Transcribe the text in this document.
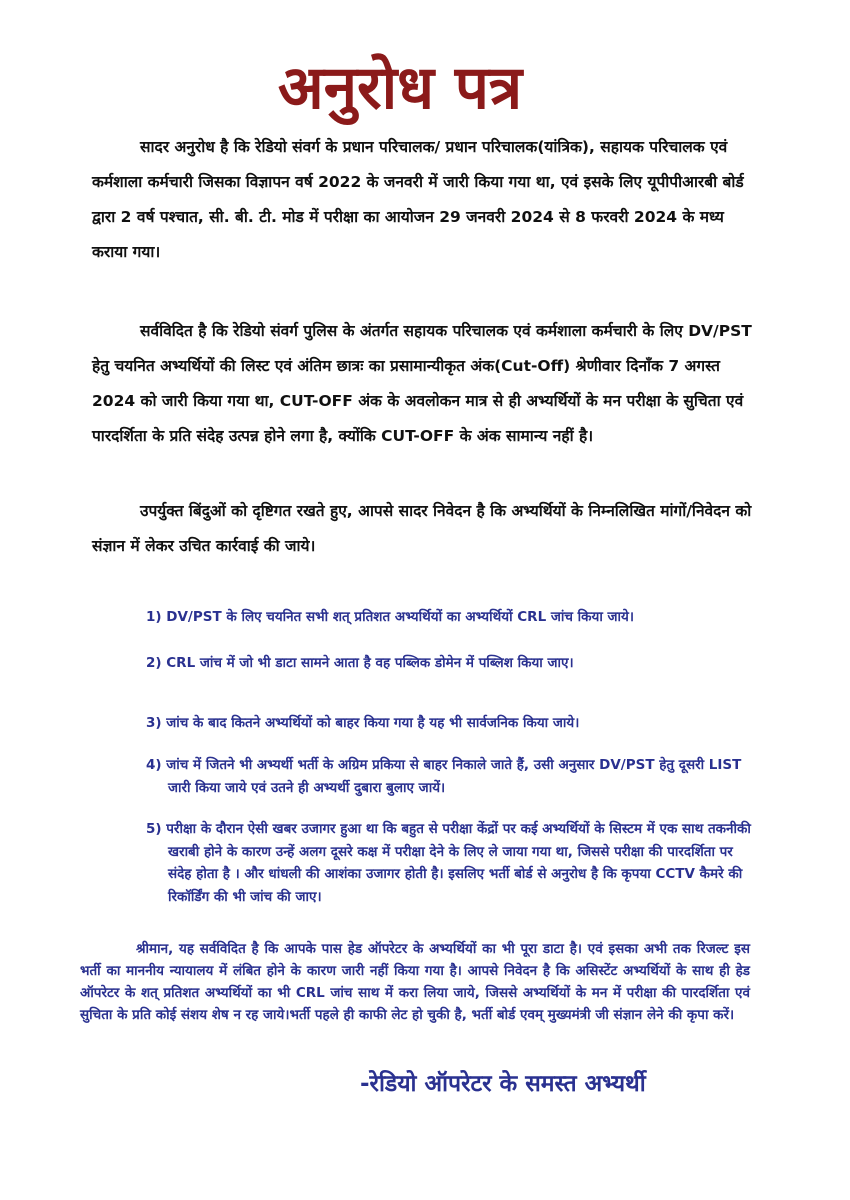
अनुरोध पत्र

सादर अनुरोध है कि रेडियो संवर्ग के प्रधान परिचालक/ प्रधान परिचालक(यांत्रिक), सहायक परिचालक एवं कर्मशाला कर्मचारी जिसका विज्ञापन वर्ष 2022 के जनवरी में जारी किया गया था, एवं इसके लिए यूपीपीआरबी बोर्ड द्वारा 2 वर्ष पश्चात, सी. बी. टी. मोड में परीक्षा का आयोजन 29 जनवरी 2024 से 8 फरवरी 2024 के मध्य कराया गया।

सर्वविदित है कि रेडियो संवर्ग पुलिस के अंतर्गत सहायक परिचालक एवं कर्मशाला कर्मचारी के लिए DV/PST हेतु चयनित अभ्यर्थियों की लिस्ट एवं अंतिम छात्रः का प्रसामान्यीकृत अंक(Cut-Off) श्रेणीवार दिनाँक 7 अगस्त 2024 को जारी किया गया था, CUT-OFF अंक के अवलोकन मात्र से ही अभ्यर्थियों के मन परीक्षा के सुचिता एवं पारदर्शिता के प्रति संदेह उत्पन्न होने लगा है, क्योंकि CUT-OFF के अंक सामान्य नहीं है।

उपर्युक्त बिंदुओं को दृष्टिगत रखते हुए, आपसे सादर निवेदन है कि अभ्यर्थियों के निम्नलिखित मांगों/निवेदन को संज्ञान में लेकर उचित कार्रवाई की जाये।

1) DV/PST के लिए चयनित सभी शत् प्रतिशत अभ्यर्थियों का अभ्यर्थियों CRL जांच किया जाये।
2) CRL जांच में जो भी डाटा सामने आता है वह पब्लिक डोमेन में पब्लिश किया जाए।
3) जांच के बाद कितने अभ्यर्थियों को बाहर किया गया है यह भी सार्वजनिक किया जाये।
4) जांच में जितने भी अभ्यर्थी भर्ती के अग्रिम प्रकिया से बाहर निकाले जाते हैं, उसी अनुसार DV/PST हेतु दूसरी LIST जारी किया जाये एवं उतने ही अभ्यर्थी दुबारा बुलाए जायें।
5) परीक्षा के दौरान ऐसी खबर उजागर हुआ था कि बहुत से परीक्षा केंद्रों पर कई अभ्यर्थियों के सिस्टम में एक साथ तकनीकी खराबी होने के कारण उन्हें अलग दूसरे कक्ष में परीक्षा देने के लिए ले जाया गया था, जिससे परीक्षा की पारदर्शिता पर संदेह होता है । और धांधली की आशंका उजागर होती है। इसलिए भर्ती बोर्ड से अनुरोध है कि कृपया CCTV कैमरे की रिकॉर्डिंग की भी जांच की जाए।

श्रीमान, यह सर्वविदित है कि आपके पास हेड ऑपरेटर के अभ्यर्थियों का भी पूरा डाटा है। एवं इसका अभी तक रिजल्ट इस भर्ती का माननीय न्यायालय में लंबित होने के कारण जारी नहीं किया गया है। आपसे निवेदन है कि असिस्टेंट अभ्यर्थियों के साथ ही हेड ऑपरेटर के शत् प्रतिशत अभ्यर्थियों का भी CRL जांच साथ में करा लिया जाये, जिससे अभ्यर्थियों के मन में परीक्षा की पारदर्शिता एवं सुचिता के प्रति कोई संशय शेष न रह जाये।भर्ती पहले ही काफी लेट हो चुकी है, भर्ती बोर्ड एवम् मुख्यमंत्री जी संज्ञान लेने की कृपा करें।

-रेडियो ऑपरेटर के समस्त अभ्यर्थी
